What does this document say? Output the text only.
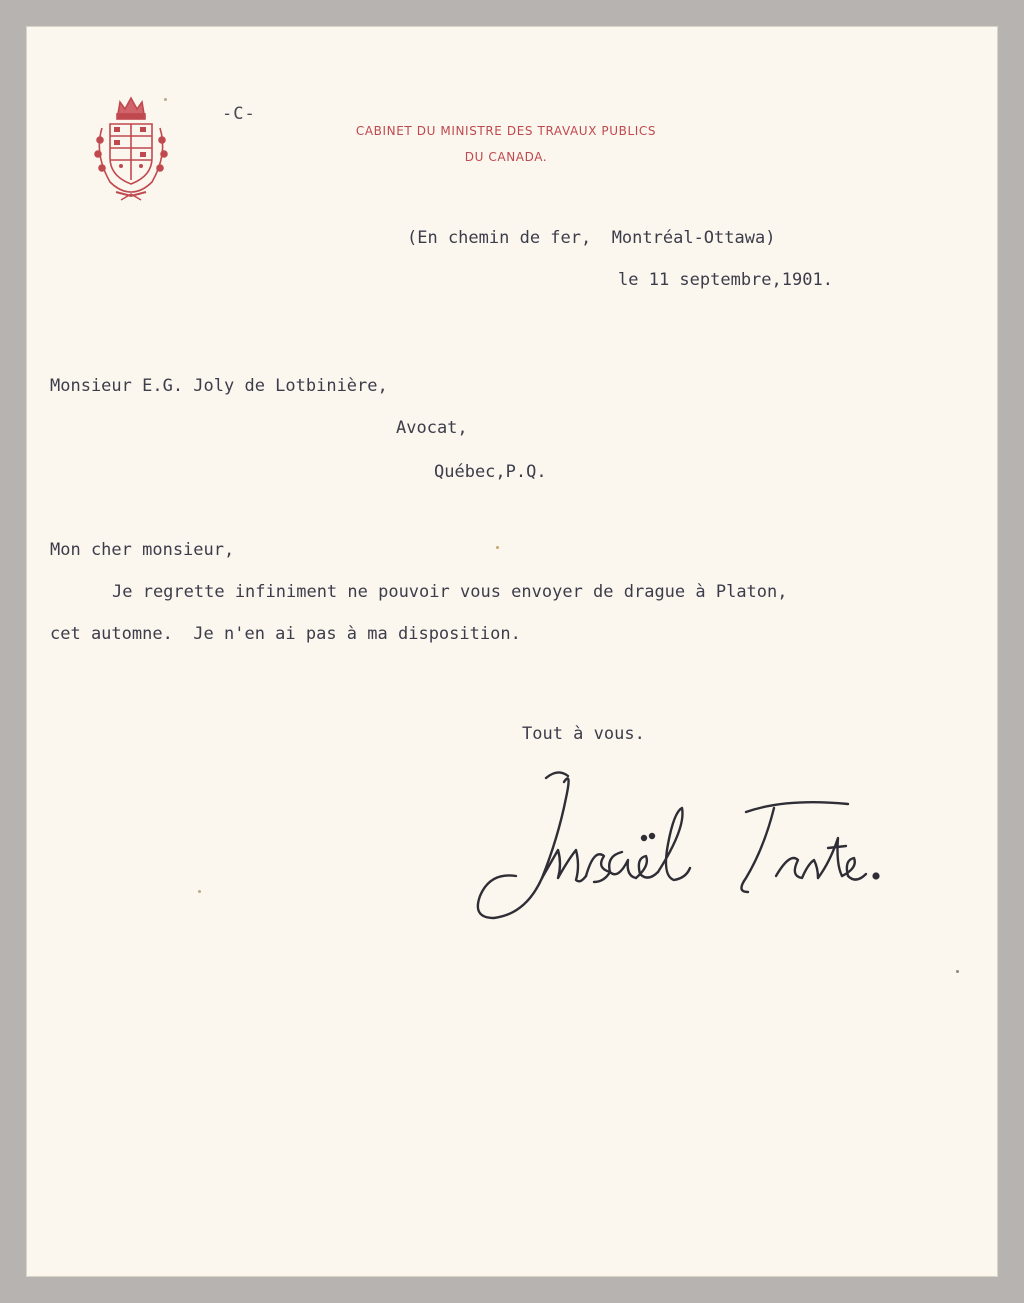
-C-
CABINET DU MINISTRE DES TRAVAUX PUBLICS
DU CANADA.
(En chemin de fer,  Montréal-Ottawa)
le 11 septembre,1901.
Monsieur E.G. Joly de Lotbinière,
Avocat,
Québec,P.Q.
Mon cher monsieur,
Je regrette infiniment ne pouvoir vous envoyer de drague à Platon,
cet automne.  Je n'en ai pas à ma disposition.
Tout à vous.
